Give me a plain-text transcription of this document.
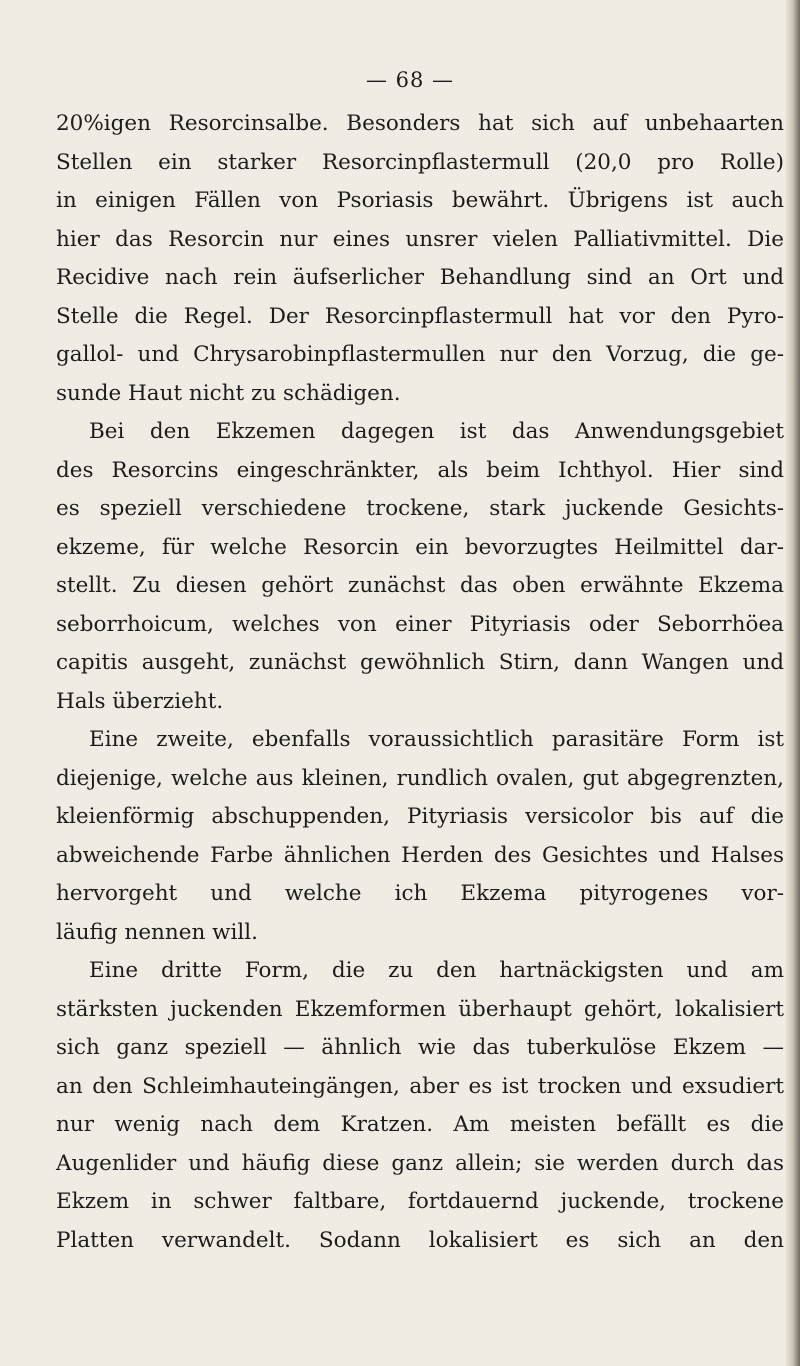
— 68 —

20%igen Resorcinsalbe. Besonders hat sich auf unbehaarten
Stellen ein starker Resorcinpflastermull (20,0 pro Rolle)
in einigen Fällen von Psoriasis bewährt. Übrigens ist auch
hier das Resorcin nur eines unsrer vielen Palliativmittel. Die
Recidive nach rein äufserlicher Behandlung sind an Ort und
Stelle die Regel. Der Resorcinpflastermull hat vor den Pyro-
gallol- und Chrysarobinpflastermullen nur den Vorzug, die ge-
sunde Haut nicht zu schädigen.
Bei den Ekzemen dagegen ist das Anwendungsgebiet
des Resorcins eingeschränkter, als beim Ichthyol. Hier sind
es speziell verschiedene trockene, stark juckende Gesichts-
ekzeme, für welche Resorcin ein bevorzugtes Heilmittel dar-
stellt. Zu diesen gehört zunächst das oben erwähnte Ekzema
seborrhoicum, welches von einer Pityriasis oder Seborrhöea
capitis ausgeht, zunächst gewöhnlich Stirn, dann Wangen und
Hals überzieht.
Eine zweite, ebenfalls voraussichtlich parasitäre Form ist
diejenige, welche aus kleinen, rundlich ovalen, gut abgegrenzten,
kleienförmig abschuppenden, Pityriasis versicolor bis auf die
abweichende Farbe ähnlichen Herden des Gesichtes und Halses
hervorgeht und welche ich Ekzema pityrogenes vor-
läufig nennen will.
Eine dritte Form, die zu den hartnäckigsten und am
stärksten juckenden Ekzemformen überhaupt gehört, lokalisiert
sich ganz speziell — ähnlich wie das tuberkulöse Ekzem —
an den Schleimhauteingängen, aber es ist trocken und exsudiert
nur wenig nach dem Kratzen. Am meisten befällt es die
Augenlider und häufig diese ganz allein; sie werden durch das
Ekzem in schwer faltbare, fortdauernd juckende, trockene
Platten verwandelt. Sodann lokalisiert es sich an den
